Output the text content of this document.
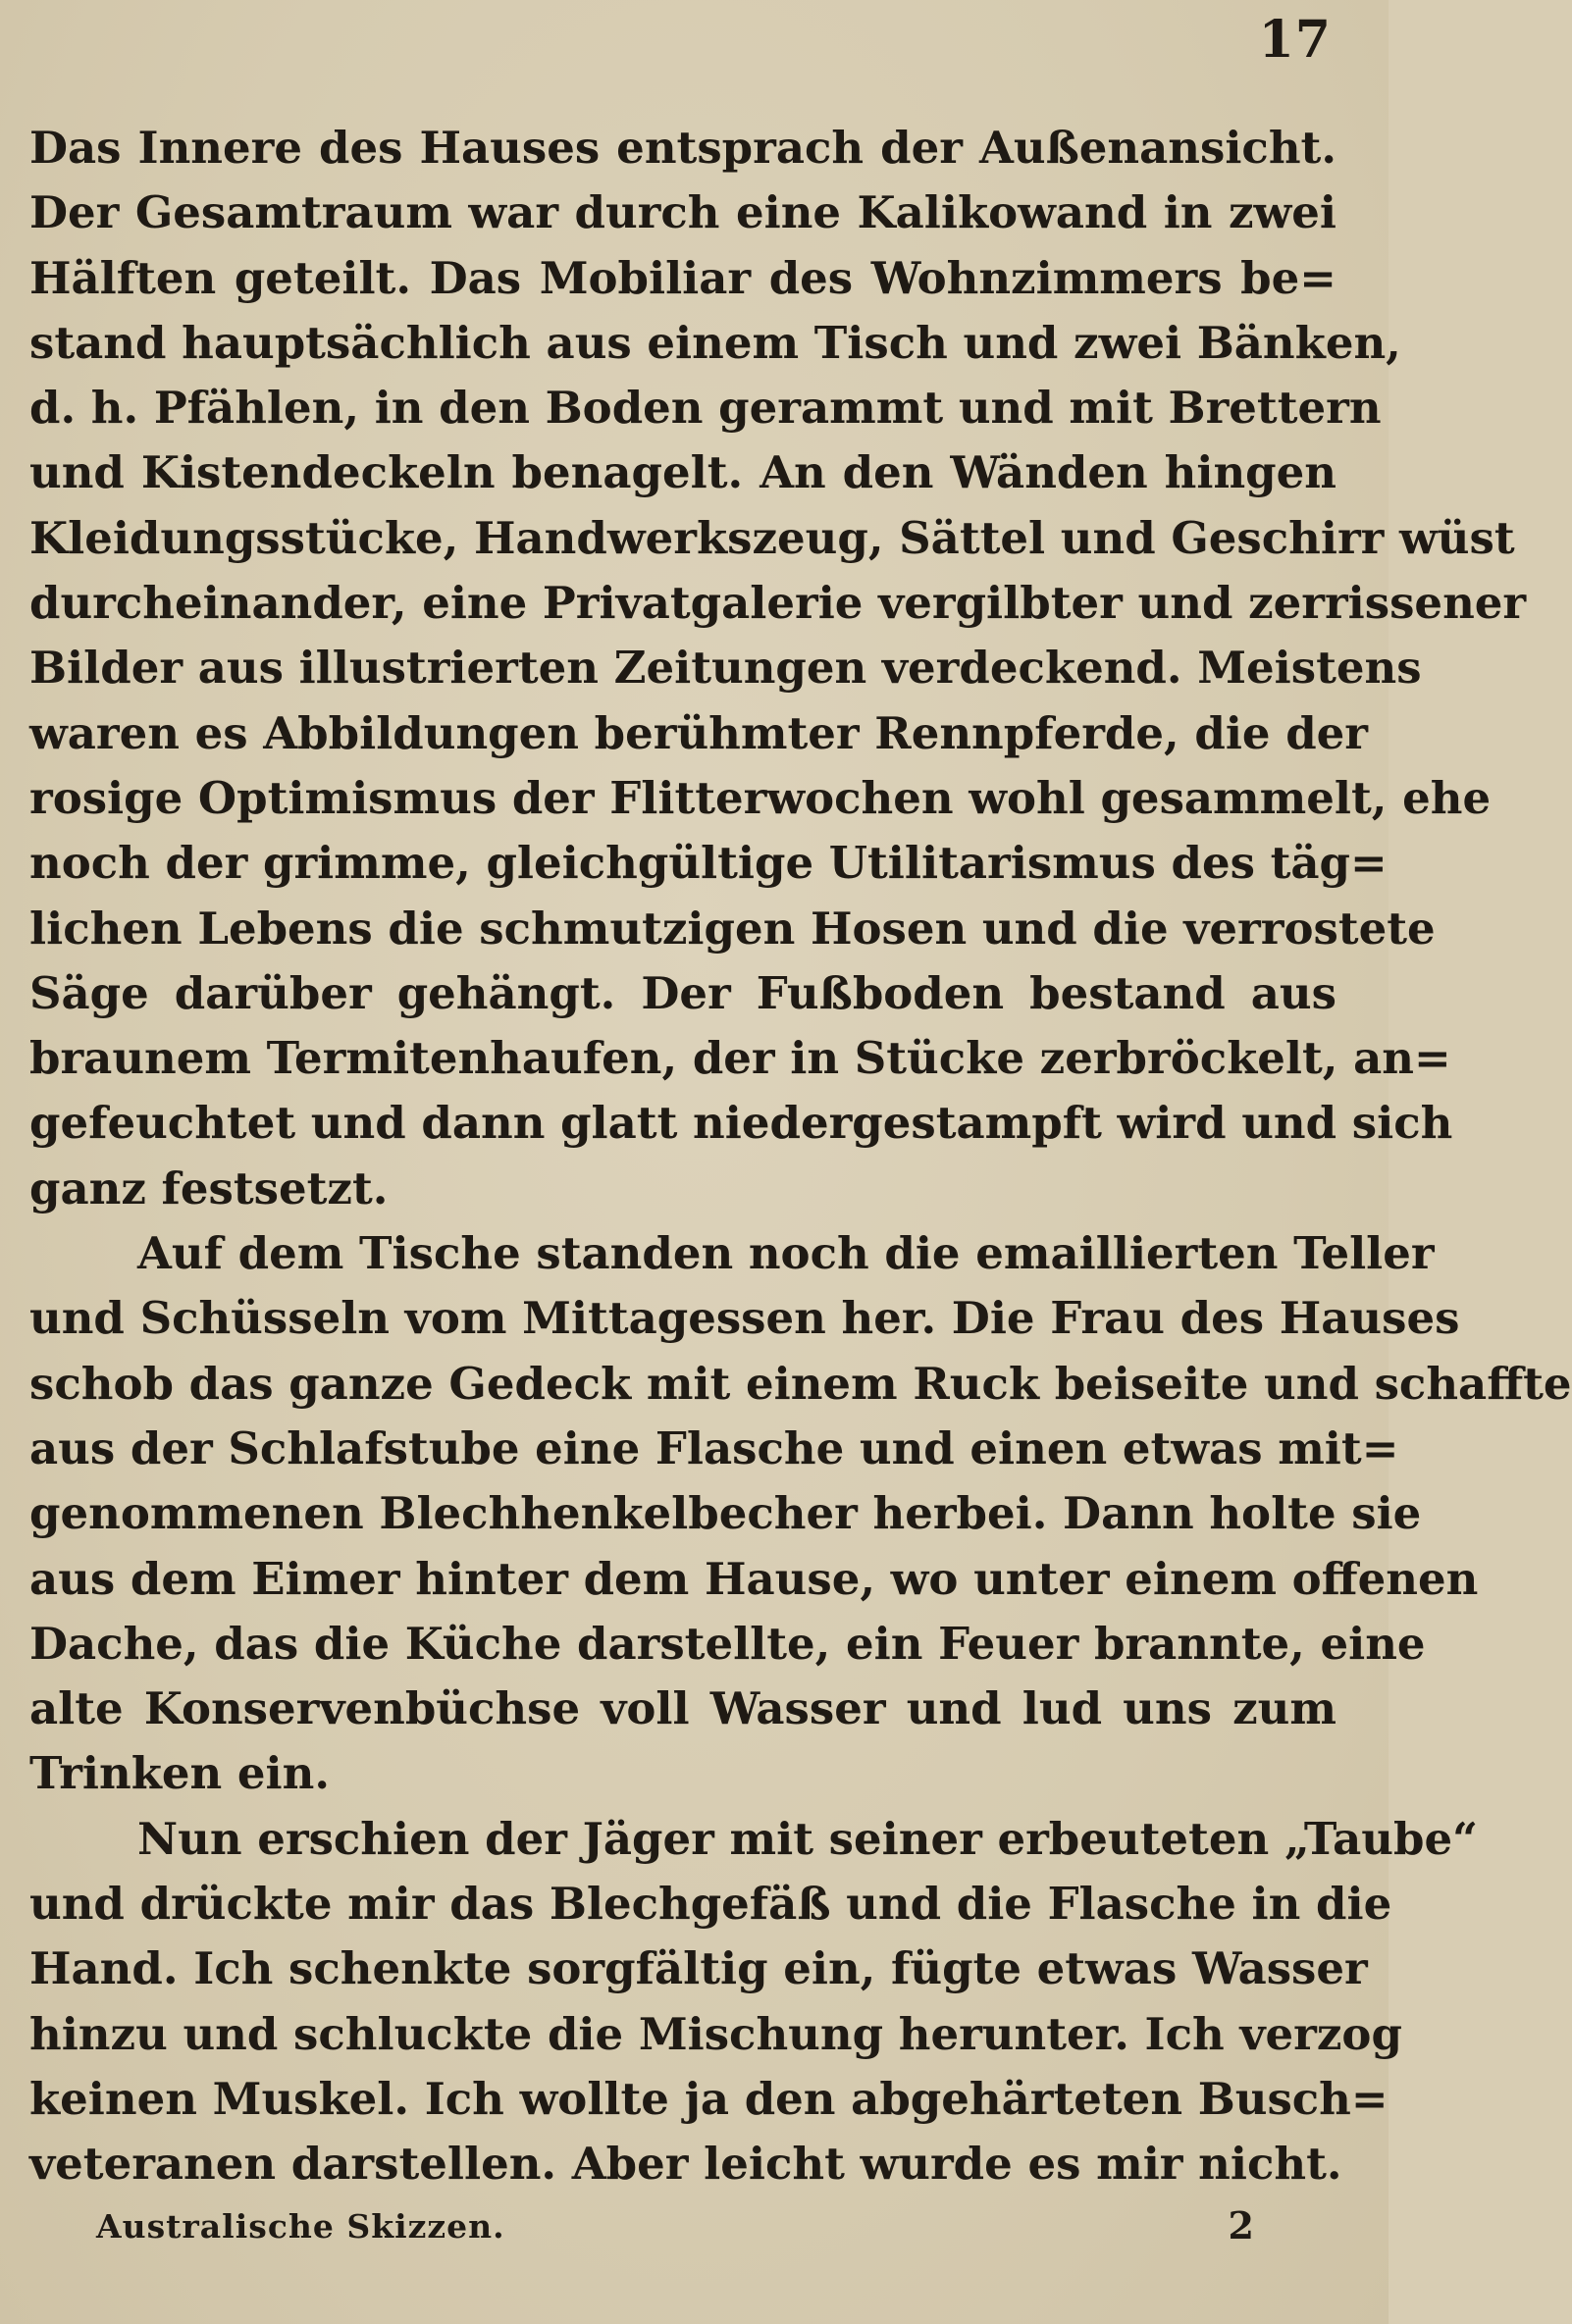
17
Das Innere des Hauses entsprach der Außenansicht.
Der Gesamtraum war durch eine Kalikowand in zwei
Hälften geteilt. Das Mobiliar des Wohnzimmers be=
stand hauptsächlich aus einem Tisch und zwei Bänken,
d. h. Pfählen, in den Boden gerammt und mit Brettern
und Kistendeckeln benagelt. An den Wänden hingen
Kleidungsstücke, Handwerkszeug, Sättel und Geschirr wüst
durcheinander, eine Privatgalerie vergilbter und zerrissener
Bilder aus illustrierten Zeitungen verdeckend. Meistens
waren es Abbildungen berühmter Rennpferde, die der
rosige Optimismus der Flitterwochen wohl gesammelt, ehe
noch der grimme, gleichgültige Utilitarismus des täg=
lichen Lebens die schmutzigen Hosen und die verrostete
Säge darüber gehängt. Der Fußboden bestand aus
braunem Termitenhaufen, der in Stücke zerbröckelt, an=
gefeuchtet und dann glatt niedergestampft wird und sich
ganz festsetzt.
Auf dem Tische standen noch die emaillierten Teller
und Schüsseln vom Mittagessen her. Die Frau des Hauses
schob das ganze Gedeck mit einem Ruck beiseite und schaffte
aus der Schlafstube eine Flasche und einen etwas mit=
genommenen Blechhenkelbecher herbei. Dann holte sie
aus dem Eimer hinter dem Hause, wo unter einem offenen
Dache, das die Küche darstellte, ein Feuer brannte, eine
alte Konservenbüchse voll Wasser und lud uns zum
Trinken ein.
Nun erschien der Jäger mit seiner erbeuteten „Taube“
und drückte mir das Blechgefäß und die Flasche in die
Hand. Ich schenkte sorgfältig ein, fügte etwas Wasser
hinzu und schluckte die Mischung herunter. Ich verzog
keinen Muskel. Ich wollte ja den abgehärteten Busch=
veteranen darstellen. Aber leicht wurde es mir nicht.
Australische Skizzen.	2
